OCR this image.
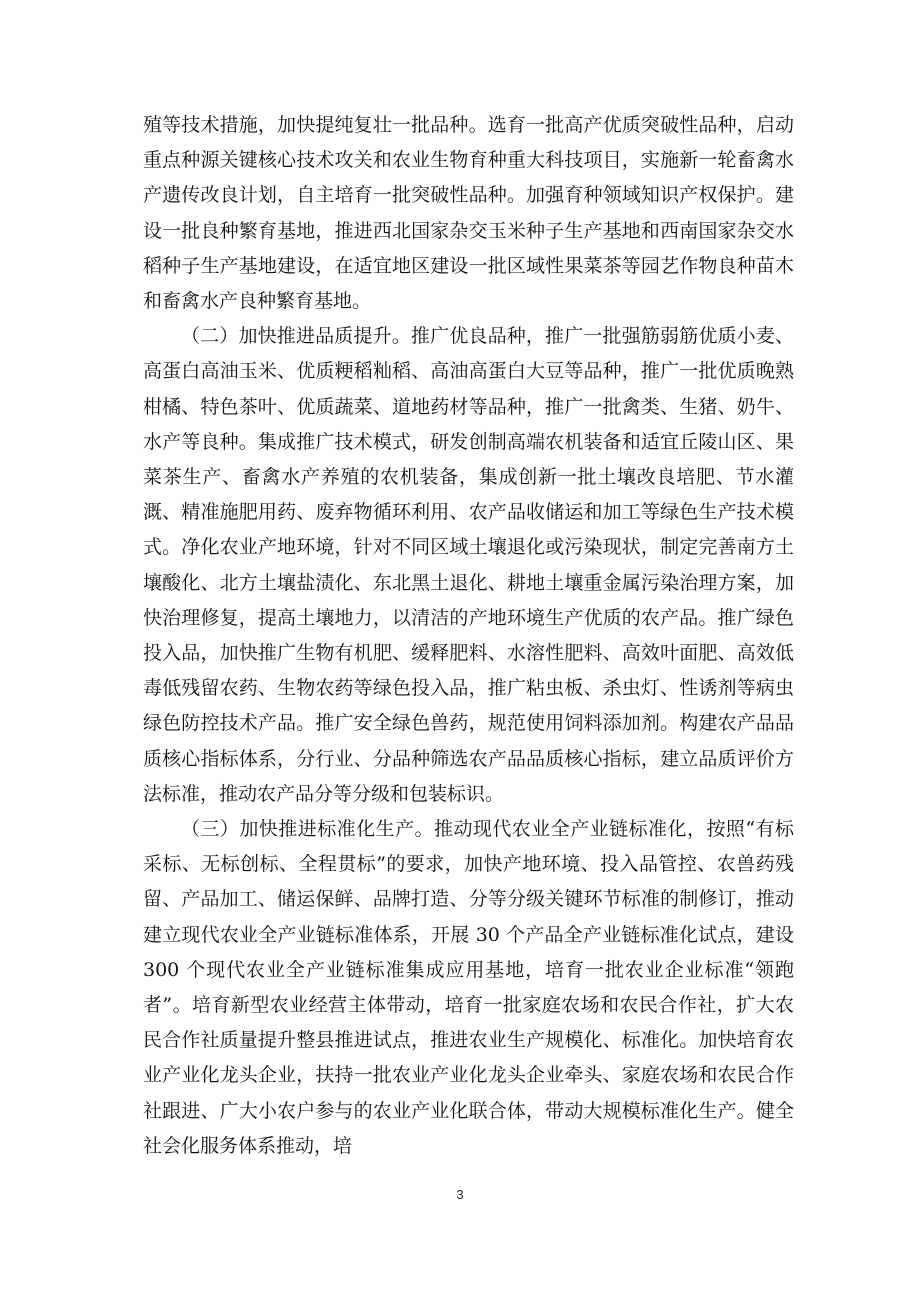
殖等技术措施，加快提纯复壮一批品种。选育一批高产优质突破性品种，启动重点种源关键核心技术攻关和农业生物育种重大科技项目，实施新一轮畜禽水产遗传改良计划，自主培育一批突破性品种。加强育种领域知识产权保护。建设一批良种繁育基地，推进西北国家杂交玉米种子生产基地和西南国家杂交水稻种子生产基地建设，在适宜地区建设一批区域性果菜茶等园艺作物良种苗木和畜禽水产良种繁育基地。

（二）加快推进品质提升。推广优良品种，推广一批强筋弱筋优质小麦、高蛋白高油玉米、优质粳稻籼稻、高油高蛋白大豆等品种，推广一批优质晚熟柑橘、特色茶叶、优质蔬菜、道地药材等品种，推广一批禽类、生猪、奶牛、水产等良种。集成推广技术模式，研发创制高端农机装备和适宜丘陵山区、果菜茶生产、畜禽水产养殖的农机装备，集成创新一批土壤改良培肥、节水灌溉、精准施肥用药、废弃物循环利用、农产品收储运和加工等绿色生产技术模式。净化农业产地环境，针对不同区域土壤退化或污染现状，制定完善南方土壤酸化、北方土壤盐渍化、东北黑土退化、耕地土壤重金属污染治理方案，加快治理修复，提高土壤地力，以清洁的产地环境生产优质的农产品。推广绿色投入品，加快推广生物有机肥、缓释肥料、水溶性肥料、高效叶面肥、高效低毒低残留农药、生物农药等绿色投入品，推广粘虫板、杀虫灯、性诱剂等病虫绿色防控技术产品。推广安全绿色兽药，规范使用饲料添加剂。构建农产品品质核心指标体系，分行业、分品种筛选农产品品质核心指标，建立品质评价方法标准，推动农产品分等分级和包装标识。

（三）加快推进标准化生产。推动现代农业全产业链标准化，按照“有标采标、无标创标、全程贯标”的要求，加快产地环境、投入品管控、农兽药残留、产品加工、储运保鲜、品牌打造、分等分级关键环节标准的制修订，推动建立现代农业全产业链标准体系，开展 30 个产品全产业链标准化试点，建设 300 个现代农业全产业链标准集成应用基地，培育一批农业企业标准“领跑者”。培育新型农业经营主体带动，培育一批家庭农场和农民合作社，扩大农民合作社质量提升整县推进试点，推进农业生产规模化、标准化。加快培育农业产业化龙头企业，扶持一批农业产业化龙头企业牵头、家庭农场和农民合作社跟进、广大小农户参与的农业产业化联合体，带动大规模标准化生产。健全社会化服务体系推动，培

3
